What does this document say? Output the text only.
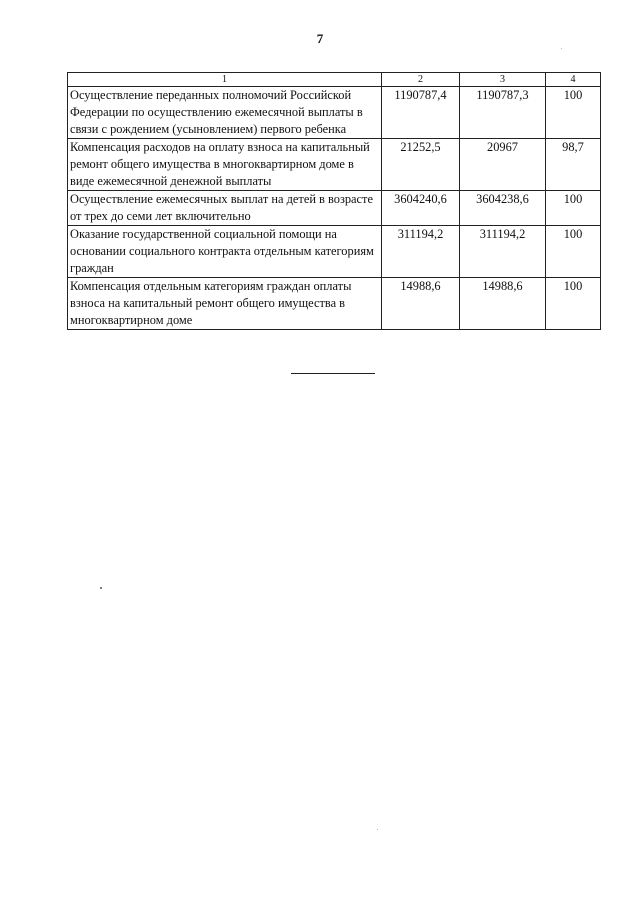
7
1	2	3	4
Осуществление переданных полномочий Российской Федерации по осуществлению ежемесячной выплаты в связи с рождением (усыновлением) первого ребенка	1190787,4	1190787,3	100
Компенсация расходов на оплату взноса на капитальный ремонт общего имущества в многоквартирном доме в виде ежемесячной денежной выплаты	21252,5	20967	98,7
Осуществление ежемесячных выплат на детей в возрасте от трех до семи лет включительно	3604240,6	3604238,6	100
Оказание государственной социальной помощи на основании социального контракта отдельным категориям граждан	311194,2	311194,2	100
Компенсация отдельным категориям граждан оплаты взноса на капитальный ремонт общего имущества в многоквартирном доме	14988,6	14988,6	100
